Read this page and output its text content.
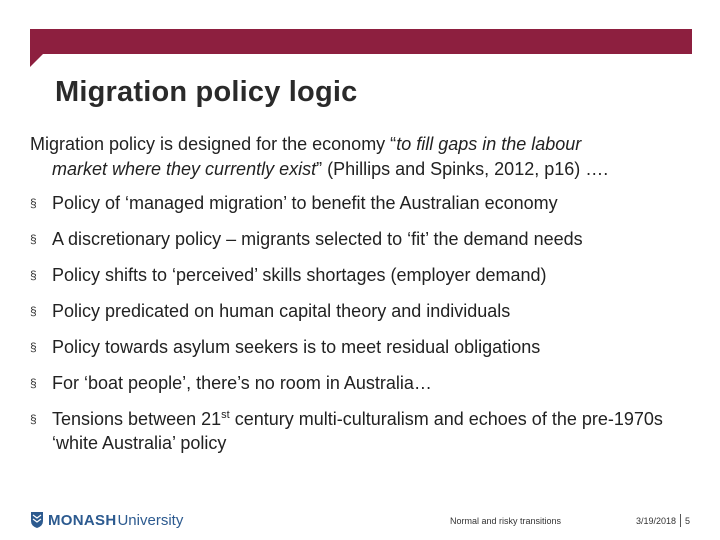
Migration policy logic
Migration policy is designed for the economy “to fill gaps in the labour
market where they currently exist” (Phillips and Spinks, 2012, p16) ….
§ Policy of ‘managed migration’ to benefit the Australian economy
§ A discretionary policy – migrants selected to ‘fit’ the demand needs
§ Policy shifts to ‘perceived’ skills shortages (employer demand)
§ Policy predicated on human capital theory and individuals
§ Policy towards asylum seekers is to meet residual obligations
§ For ‘boat people’, there’s no room in Australia…
§ Tensions between 21st century multi-culturalism and echoes of the pre-1970s ‘white Australia’ policy
MONASH University	Normal and risky transitions	3/19/2018 5
